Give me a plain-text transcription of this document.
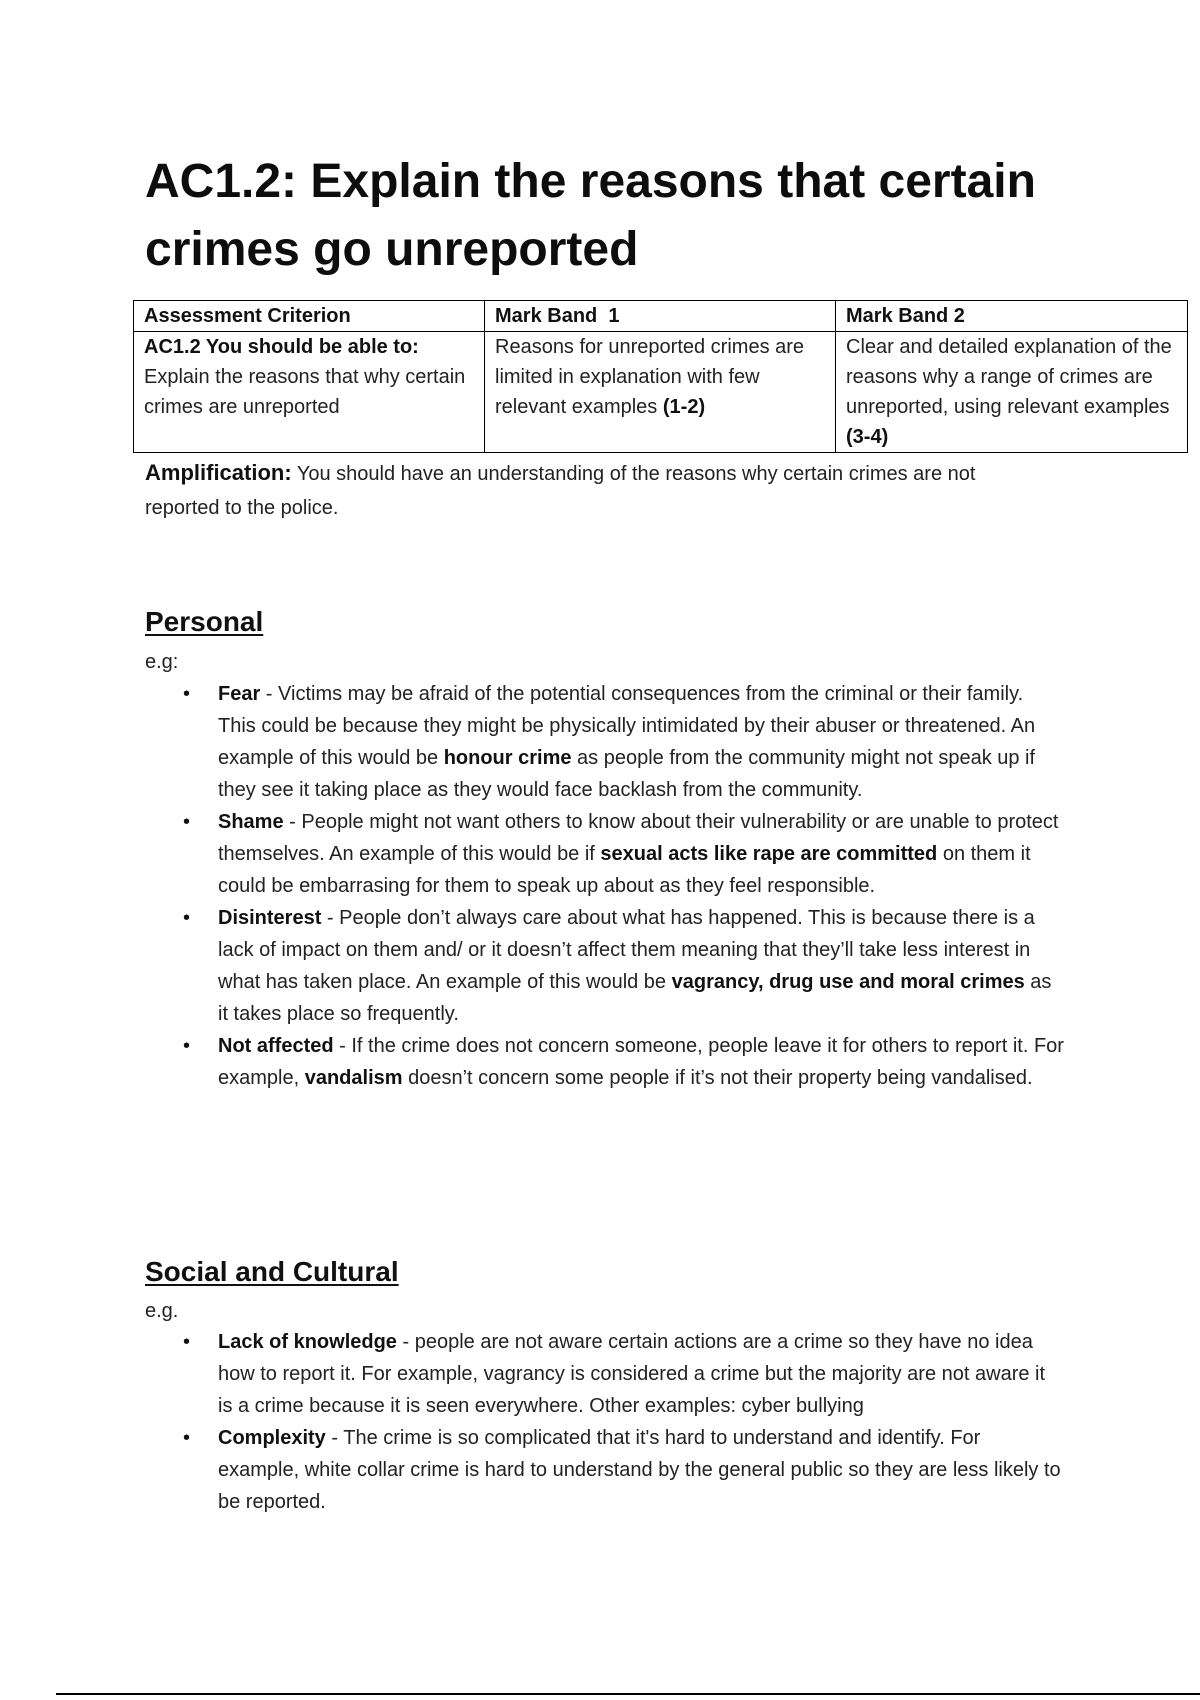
AC1.2: Explain the reasons that certain crimes go unreported
Assessment Criterion	Mark Band  1	Mark Band 2
AC1.2 You should be able to:
Explain the reasons that why certain crimes are unreported	Reasons for unreported crimes are limited in explanation with few relevant examples (1-2)	Clear and detailed explanation of the reasons why a range of crimes are unreported, using relevant examples (3-4)

Amplification: You should have an understanding of the reasons why certain crimes are not reported to the police.

Personal

e.g:

• Fear - Victims may be afraid of the potential consequences from the criminal or their family. This could be because they might be physically intimidated by their abuser or threatened. An example of this would be honour crime as people from the community might not speak up if they see it taking place as they would face backlash from the community.
• Shame - People might not want others to know about their vulnerability or are unable to protect themselves. An example of this would be if sexual acts like rape are committed on them it could be embarrasing for them to speak up about as they feel responsible.
• Disinterest - People don’t always care about what has happened. This is because there is a lack of impact on them and/ or it doesn’t affect them meaning that they’ll take less interest in what has taken place. An example of this would be vagrancy, drug use and moral crimes as it takes place so frequently.
• Not affected - If the crime does not concern someone, people leave it for others to report it. For example, vandalism doesn’t concern some people if it’s not their property being vandalised.
Social and Cultural

e.g.

• Lack of knowledge - people are not aware certain actions are a crime so they have no idea how to report it. For example, vagrancy is considered a crime but the majority are not aware it is a crime because it is seen everywhere. Other examples: cyber bullying
• Complexity - The crime is so complicated that it's hard to understand and identify. For example, white collar crime is hard to understand by the general public so they are less likely to be reported.
